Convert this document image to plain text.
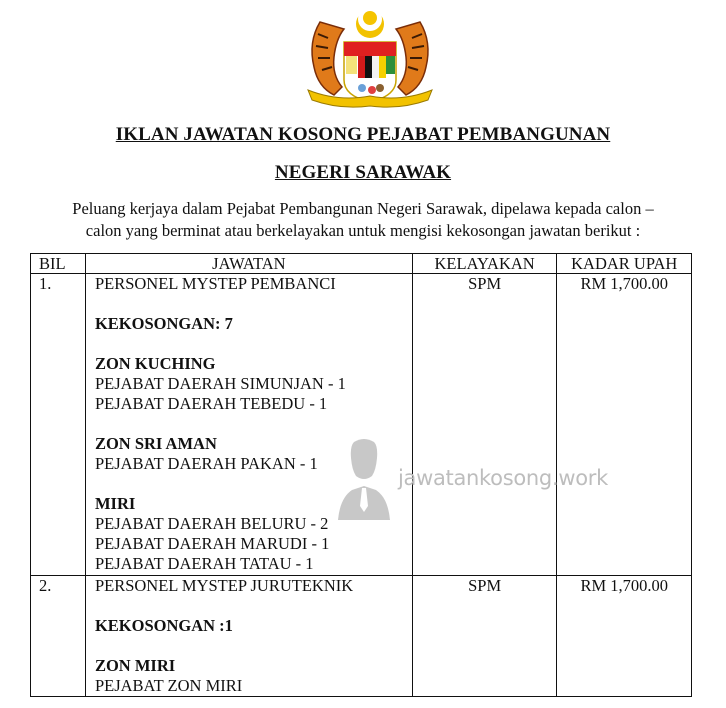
IKLAN JAWATAN KOSONG PEJABAT PEMBANGUNAN
NEGERI SARAWAK
Peluang kerjaya dalam Pejabat Pembangunan Negeri Sarawak, dipelawa kepada calon –
calon yang berminat atau berkelayakan untuk mengisi kekosongan jawatan berikut :
BIL	JAWATAN	KELAYAKAN	KADAR UPAH

1.	PERSONEL MYSTEP PEMBANCI
KEKOSONGAN: 7
ZON KUCHING
PEJABAT DAERAH SIMUNJAN - 1
PEJABAT DAERAH TEBEDU - 1
ZON SRI AMAN
PEJABAT DAERAH PAKAN - 1
MIRI
PEJABAT DAERAH BELURU - 2
PEJABAT DAERAH MARUDI - 1
PEJABAT DAERAH TATAU - 1

SPM	RM 1,700.00

2.	PERSONEL MYSTEP JURUTEKNIK
KEKOSONGAN :1
ZON MIRI
PEJABAT ZON MIRI	SPM	RM 1,700.00
jawatankosong.work
